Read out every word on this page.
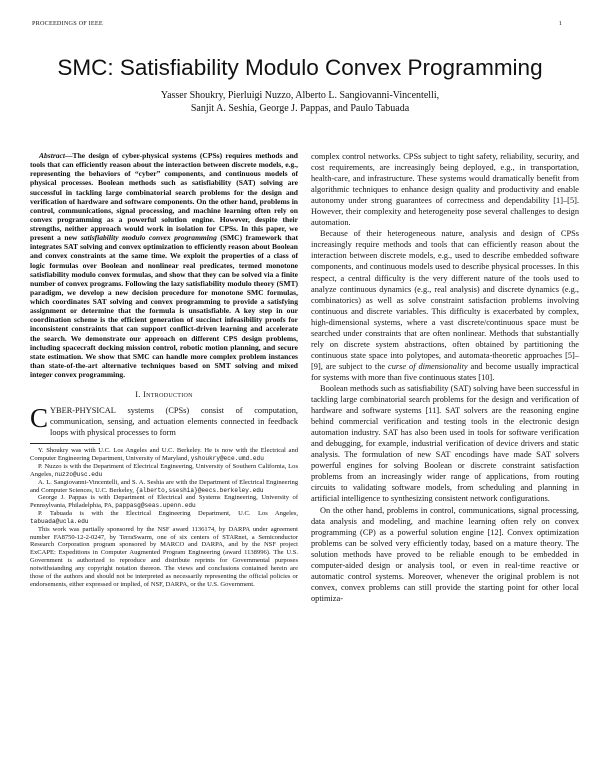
PROCEEDINGS OF IEEE	1
SMC: Satisfiability Modulo Convex Programming
Yasser Shoukry, Pierluigi Nuzzo, Alberto L. Sangiovanni-Vincentelli,
Sanjit A. Seshia, George J. Pappas, and Paulo Tabuada
Abstract—The design of cyber-physical systems (CPSs) requires methods and tools that can efficiently reason about the interaction between discrete models, e.g., representing the behaviors of “cyber” components, and continuous models of physical processes. Boolean methods such as satisfiability (SAT) solving are successful in tackling large combinatorial search problems for the design and verification of hardware and software components. On the other hand, problems in control, communications, signal processing, and machine learning often rely on convex programming as a powerful solution engine. However, despite their strengths, neither approach would work in isolation for CPSs. In this paper, we present a new satisfiability modulo convex programming (SMC) framework that integrates SAT solving and convex optimization to efficiently reason about Boolean and convex constraints at the same time. We exploit the properties of a class of logic formulas over Boolean and nonlinear real predicates, termed monotone satisfiability modulo convex formulas, and show that they can be solved via a finite number of convex programs. Following the lazy satisfiability modulo theory (SMT) paradigm, we develop a new decision procedure for monotone SMC formulas, which coordinates SAT solving and convex programming to provide a satisfying assignment or determine that the formula is unsatisfiable. A key step in our coordination scheme is the efficient generation of succinct infeasibility proofs for inconsistent constraints that can support conflict-driven learning and accelerate the search. We demonstrate our approach on different CPS design problems, including spacecraft docking mission control, robotic motion planning, and secure state estimation. We show that SMC can handle more complex problem instances than state-of-the-art alternative techniques based on SMT solving and mixed integer convex programming.
I. Introduction
CYBER-PHYSICAL systems (CPSs) consist of computation, communication, sensing, and actuation elements connected in feedback loops with physical processes to form

Y. Shoukry was with U.C. Los Angeles and U.C. Berkeley. He is now with the Electrical and Computer Engineering Department, University of Maryland, yshoukry@ece.umd.edu

P. Nuzzo is with the Department of Electrical Engineering, University of Southern California, Los Angeles, nuzzo@usc.edu

A. L. Sangiovanni-Vincentelli, and S. A. Seshia are with the Department of Electrical Engineering and Computer Sciences, U.C. Berkeley, {alberto,sseshia}@eecs.berkeley.edu

George J. Pappas is with Department of Electrical and Systems Engineering, University of Pennsylvania, Philadelphia, PA, pappasg@seas.upenn.edu

P. Tabuada is with the Electrical Engineering Department, U.C. Los Angeles, tabuada@ucla.edu

This work was partially sponsored by the NSF award 1136174, by DARPA under agreement number FA8750-12-2-0247, by TerraSwarm, one of six centers of STARnet, a Semiconductor Research Corporation program sponsored by MARCO and DARPA, and by the NSF project ExCAPE: Expeditions in Computer Augmented Program Engineering (award 1138996). The U.S. Government is authorized to reproduce and distribute reprints for Governmental purposes notwithstanding any copyright notation thereon. The views and conclusions contained herein are those of the authors and should not be interpreted as necessarily representing the official policies or endorsements, either expressed or implied, of NSF, DARPA, or the U.S. Government.

complex control networks. CPSs subject to tight safety, reliability, security, and cost requirements, are increasingly being deployed, e.g., in transportation, health-care, and infrastructure. These systems would dramatically benefit from algorithmic techniques to enhance design quality and productivity and enable autonomy under strong guarantees of correctness and dependability [1]–[5]. However, their complexity and heterogeneity pose several challenges to design automation.

Because of their heterogeneous nature, analysis and design of CPSs increasingly require methods and tools that can efficiently reason about the interaction between discrete models, e.g., used to describe embedded software components, and continuous models used to describe physical processes. In this respect, a central difficulty is the very different nature of the tools used to analyze continuous dynamics (e.g., real analysis) and discrete dynamics (e.g., combinatorics) as well as solve constraint satisfaction problems involving continuous and discrete variables. This difficulty is exacerbated by complex, high-dimensional systems, where a vast discrete/continuous space must be searched under constraints that are often nonlinear. Methods that substantially rely on discrete system abstractions, often obtained by partitioning the continuous state space into polytopes, and automata-theoretic approaches [5]–[9], are subject to the curse of dimensionality and become usually impractical for systems with more than five continuous states [10].

Boolean methods such as satisfiability (SAT) solving have been successful in tackling large combinatorial search problems for the design and verification of hardware and software systems [11]. SAT solvers are the reasoning engine behind commercial verification and testing tools in the electronic design automation industry. SAT has also been used in tools for software verification and debugging, for example, industrial verification of device drivers and static analysis. The formulation of new SAT encodings have made SAT solvers powerful engines for solving Boolean or discrete constraint satisfaction problems from an increasingly wider range of applications, from routing circuits to validating software models, from scheduling and planning in artificial intelligence to synthesizing consistent network configurations.

On the other hand, problems in control, communications, signal processing, data analysis and modeling, and machine learning often rely on convex programming (CP) as a powerful solution engine [12]. Convex optimization problems can be solved very efficiently today, based on a mature theory. The solution methods have proved to be reliable enough to be embedded in computer-aided design or analysis tool, or even in real-time reactive or automatic control systems. Moreover, whenever the original problem is not convex, convex problems can still provide the starting point for other local optimiza-
